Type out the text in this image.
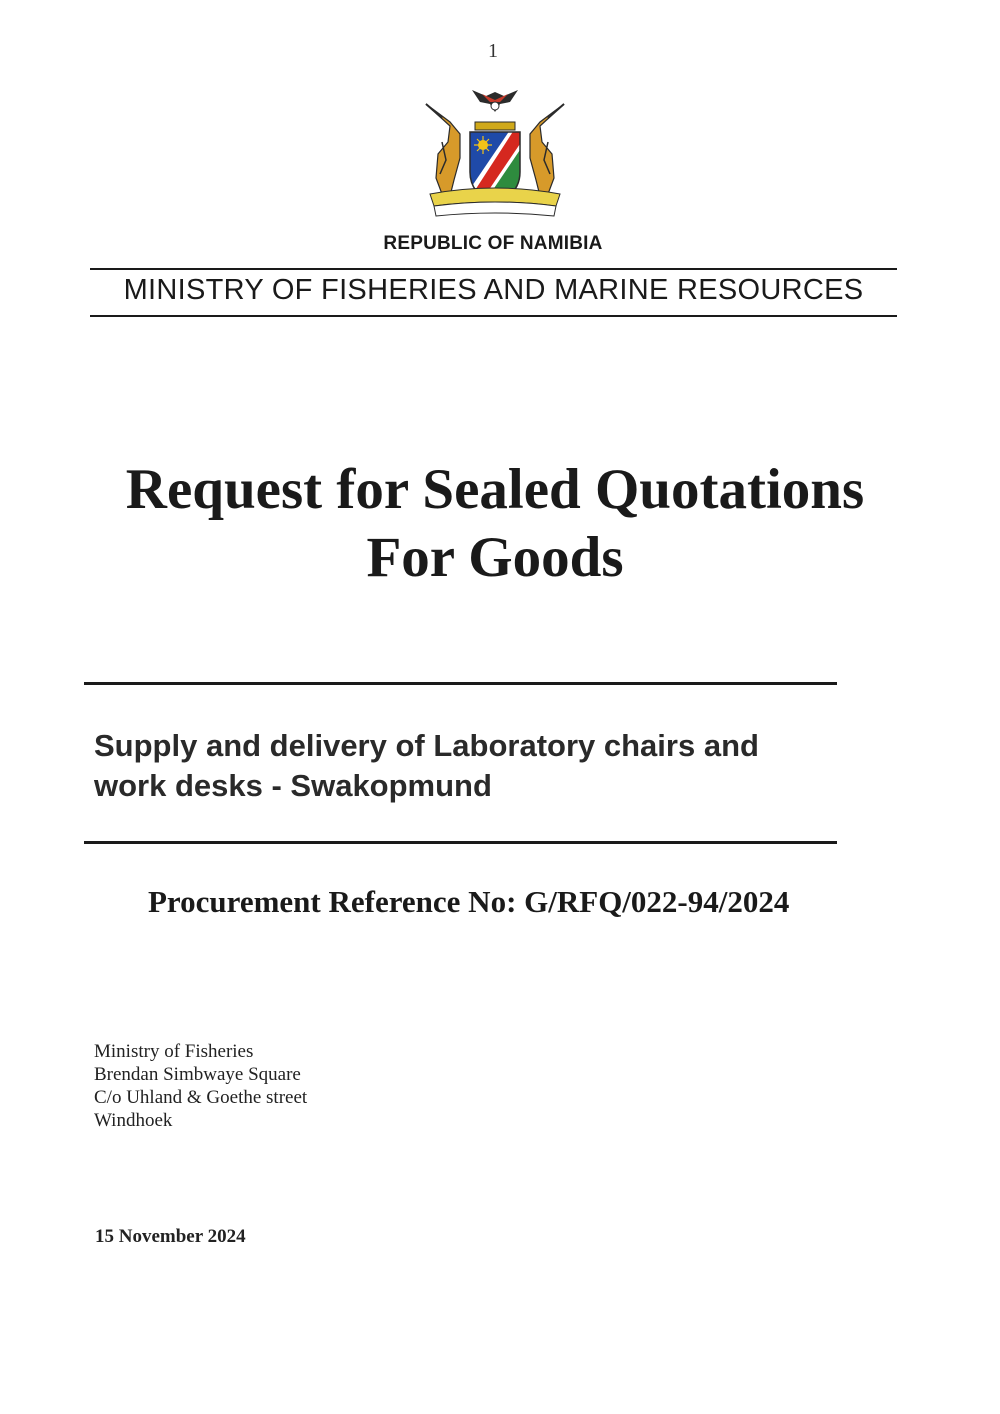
1
REPUBLIC OF NAMIBIA
MINISTRY OF FISHERIES AND MARINE RESOURCES
Request for Sealed Quotations
For Goods
Supply and delivery of Laboratory chairs and
work desks - Swakopmund
Procurement Reference No: G/RFQ/022-94/2024
Ministry of Fisheries
Brendan Simbwaye Square
C/o Uhland & Goethe street
Windhoek
15 November 2024
